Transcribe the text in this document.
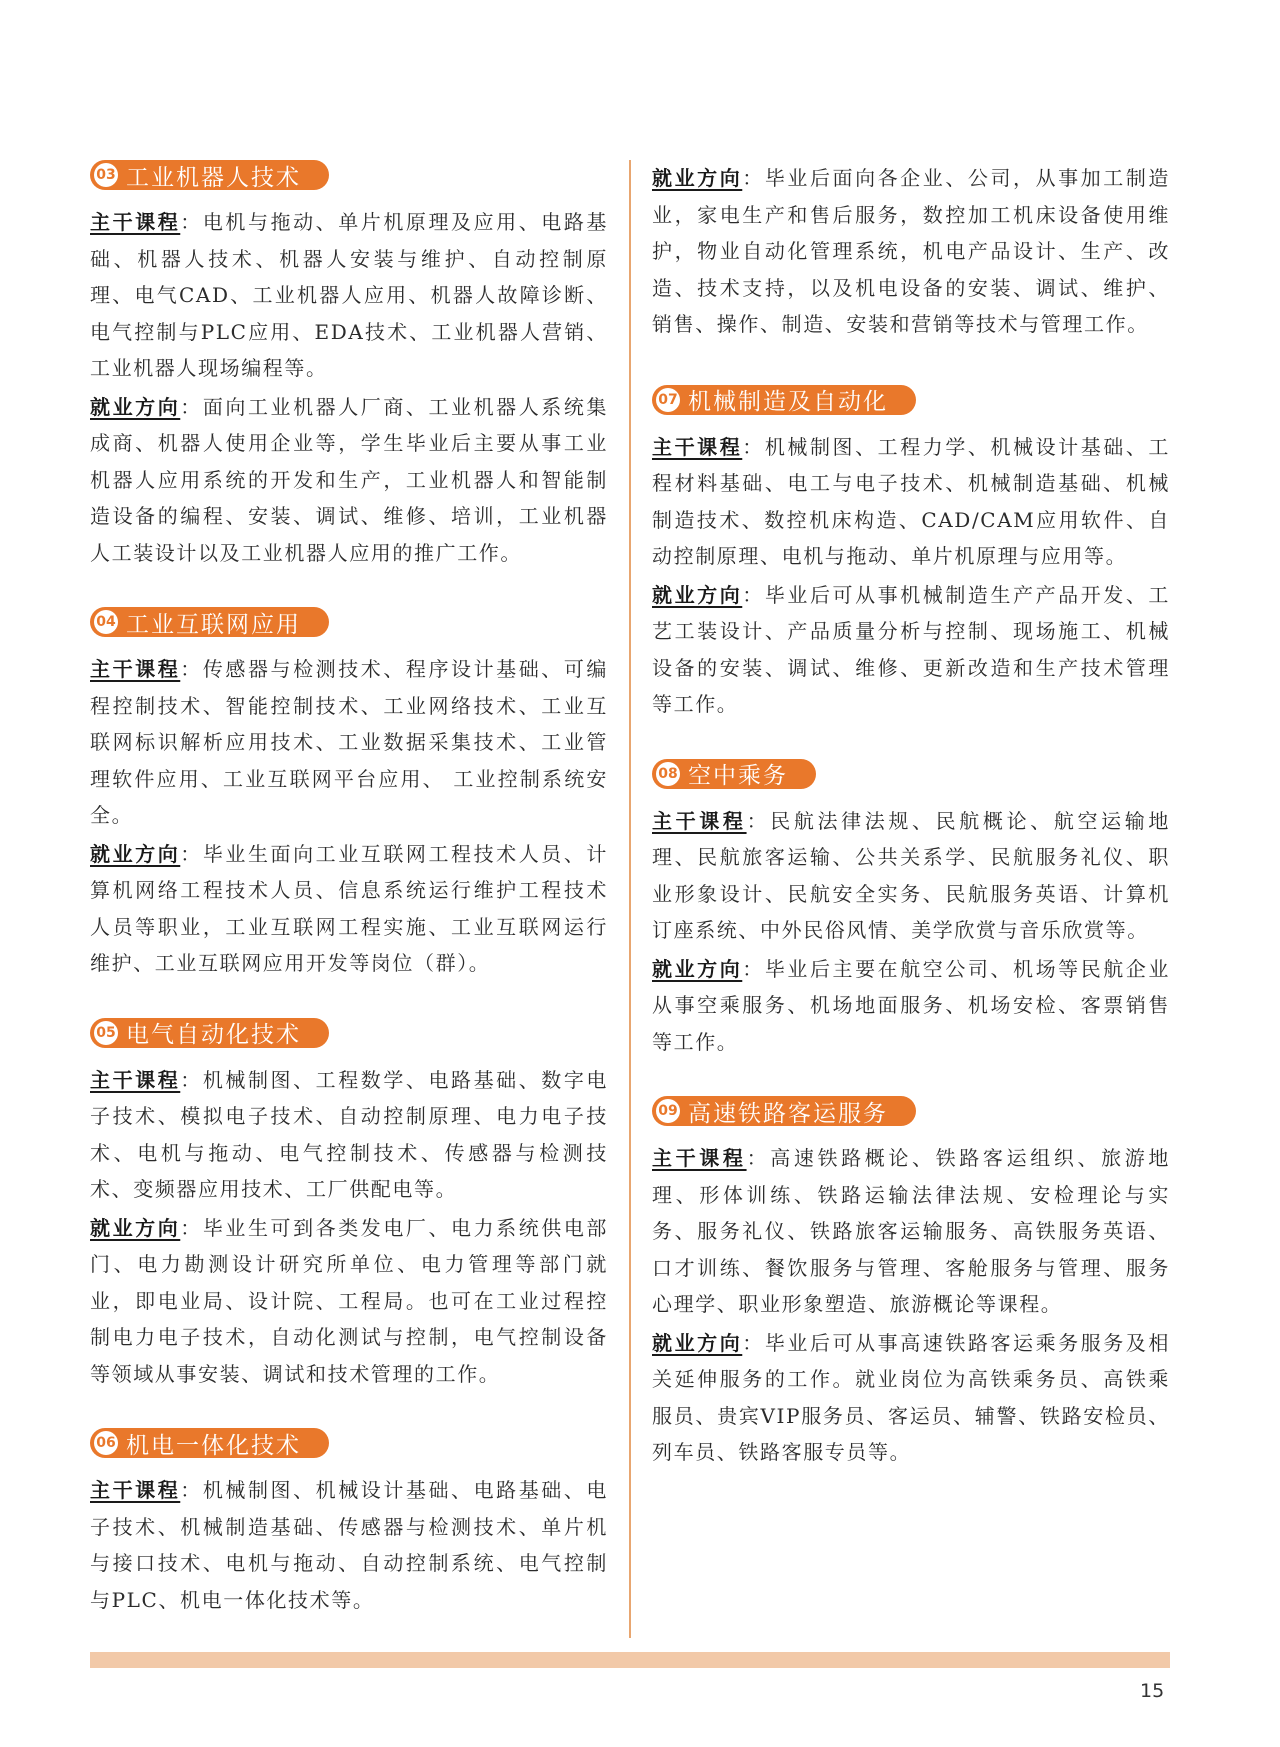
03 工业机器人技术

主干课程：电机与拖动、单片机原理及应用、电路基础、机器人技术、机器人安装与维护、自动控制原理、电气CAD、工业机器人应用、机器人故障诊断、电气控制与PLC应用、EDA技术、工业机器人营销、工业机器人现场编程等。

就业方向：面向工业机器人厂商、工业机器人系统集成商、机器人使用企业等，学生毕业后主要从事工业机器人应用系统的开发和生产，工业机器人和智能制造设备的编程、安装、调试、维修、培训，工业机器人工装设计以及工业机器人应用的推广工作。

04 工业互联网应用

主干课程：传感器与检测技术、程序设计基础、可编程控制技术、智能控制技术、工业网络技术、工业互联网标识解析应用技术、工业数据采集技术、工业管理软件应用、工业互联网平台应用、 工业控制系统安全。

就业方向：毕业生面向工业互联网工程技术人员、计算机网络工程技术人员、信息系统运行维护工程技术人员等职业，工业互联网工程实施、工业互联网运行维护、工业互联网应用开发等岗位（群）。

05 电气自动化技术

主干课程：机械制图、工程数学、电路基础、数字电子技术、模拟电子技术、自动控制原理、电力电子技术、电机与拖动、电气控制技术、传感器与检测技术、变频器应用技术、工厂供配电等。

就业方向：毕业生可到各类发电厂、电力系统供电部门、电力勘测设计研究所单位、电力管理等部门就业，即电业局、设计院、工程局。也可在工业过程控制电力电子技术，自动化测试与控制，电气控制设备等领域从事安装、调试和技术管理的工作。

06 机电一体化技术

主干课程：机械制图、机械设计基础、电路基础、电子技术、机械制造基础、传感器与检测技术、单片机与接口技术、电机与拖动、自动控制系统、电气控制与PLC、机电一体化技术等。

就业方向：毕业后面向各企业、公司，从事加工制造业，家电生产和售后服务，数控加工机床设备使用维护，物业自动化管理系统，机电产品设计、生产、改造、技术支持，以及机电设备的安装、调试、维护、销售、操作、制造、安装和营销等技术与管理工作。

07 机械制造及自动化

主干课程：机械制图、工程力学、机械设计基础、工程材料基础、电工与电子技术、机械制造基础、机械制造技术、数控机床构造、CAD/CAM应用软件、自动控制原理、电机与拖动、单片机原理与应用等。

就业方向：毕业后可从事机械制造生产产品开发、工艺工装设计、产品质量分析与控制、现场施工、机械设备的安装、调试、维修、更新改造和生产技术管理等工作。

08 空中乘务

主干课程：民航法律法规、民航概论、航空运输地理、民航旅客运输、公共关系学、民航服务礼仪、职业形象设计、民航安全实务、民航服务英语、计算机订座系统、中外民俗风情、美学欣赏与音乐欣赏等。

就业方向：毕业后主要在航空公司、机场等民航企业从事空乘服务、机场地面服务、机场安检、客票销售等工作。

09 高速铁路客运服务

主干课程：高速铁路概论、铁路客运组织、旅游地理、形体训练、铁路运输法律法规、安检理论与实务、服务礼仪、铁路旅客运输服务、高铁服务英语、口才训练、餐饮服务与管理、客舱服务与管理、服务心理学、职业形象塑造、旅游概论等课程。

就业方向：毕业后可从事高速铁路客运乘务服务及相关延伸服务的工作。就业岗位为高铁乘务员、高铁乘服员、贵宾VIP服务员、客运员、辅警、铁路安检员、列车员、铁路客服专员等。

15
